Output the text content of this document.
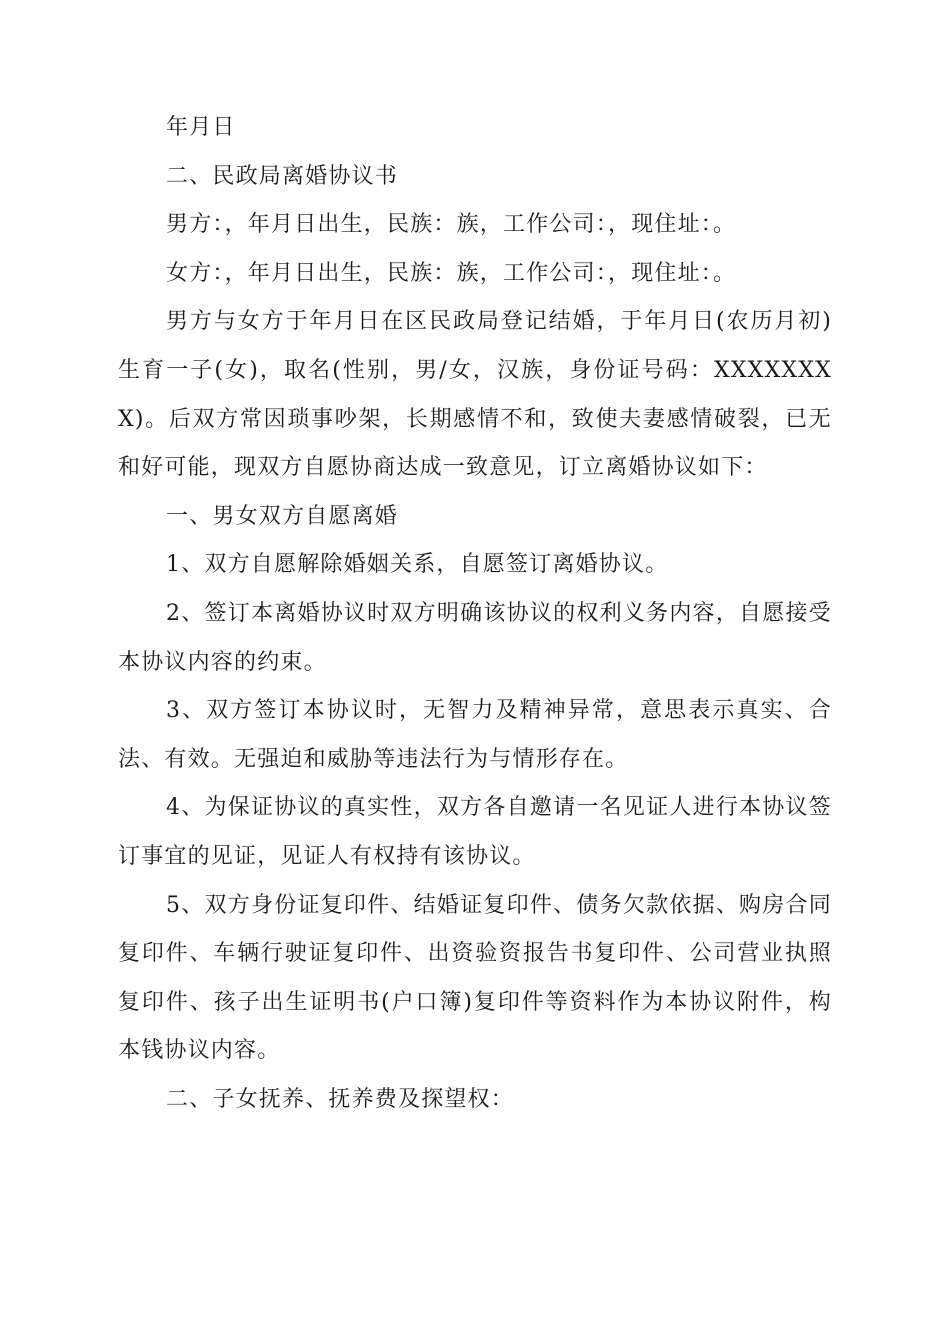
年月日

二、民政局离婚协议书

男方：，年月日出生，民族：族，工作公司：，现住址：。

女方：，年月日出生，民族：族，工作公司：，现住址：。

男方与女方于年月日在区民政局登记结婚，于年月日(农历月初)生育一子(女)，取名(性别，男/女，汉族，身份证号码：XXXXXXXX)。后双方常因琐事吵架，长期感情不和，致使夫妻感情破裂，已无和好可能，现双方自愿协商达成一致意见，订立离婚协议如下：

一、男女双方自愿离婚

1、双方自愿解除婚姻关系，自愿签订离婚协议。

2、签订本离婚协议时双方明确该协议的权利义务内容，自愿接受本协议内容的约束。

3、双方签订本协议时，无智力及精神异常，意思表示真实、合法、有效。无强迫和威胁等违法行为与情形存在。

4、为保证协议的真实性，双方各自邀请一名见证人进行本协议签订事宜的见证，见证人有权持有该协议。

5、双方身份证复印件、结婚证复印件、债务欠款依据、购房合同复印件、车辆行驶证复印件、出资验资报告书复印件、公司营业执照复印件、孩子出生证明书(户口簿)复印件等资料作为本协议附件，构本钱协议内容。

二、子女抚养、抚养费及探望权：
